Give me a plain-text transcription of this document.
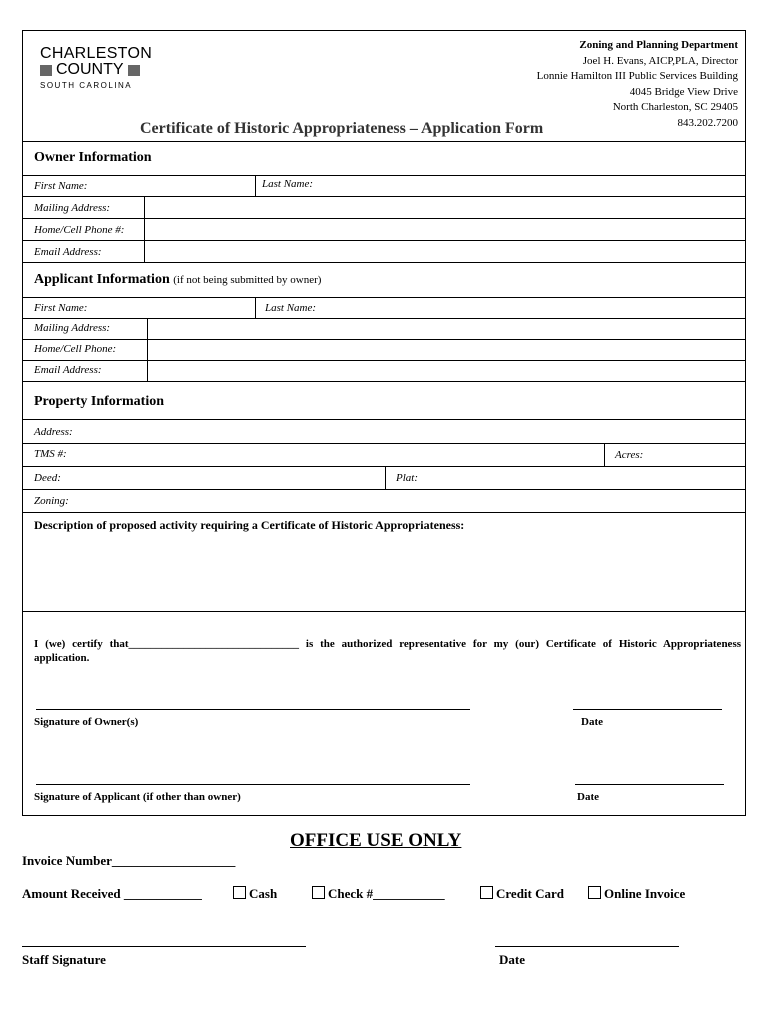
CHARLESTON
COUNTY
SOUTH CAROLINA
Zoning and Planning Department
Joel H. Evans, AICP,PLA, Director
Lonnie Hamilton III Public Services Building
4045 Bridge View Drive
North Charleston, SC 29405
843.202.7200
Certificate of Historic Appropriateness – Application Form
Owner Information
First Name:	Last Name:
Mailing Address:
Home/Cell Phone #:
Email Address:
Applicant Information (if not being submitted by owner)
First Name:	Last Name:
Mailing Address:
Home/Cell Phone:
Email Address:
Property Information
Address:
TMS #:	Acres:
Deed:	Plat:
Zoning:
Description of proposed activity requiring a Certificate of Historic Appropriateness:
I (we) certify that_______________________________ is the authorized representative for my (our) Certificate of Historic Appropriateness application.
Signature of Owner(s)	Date
Signature of Applicant (if other than owner)	Date
OFFICE USE ONLY
Invoice Number___________________
Amount Received ____________	Cash	Check #___________	Credit Card	Online Invoice
Staff Signature	Date
